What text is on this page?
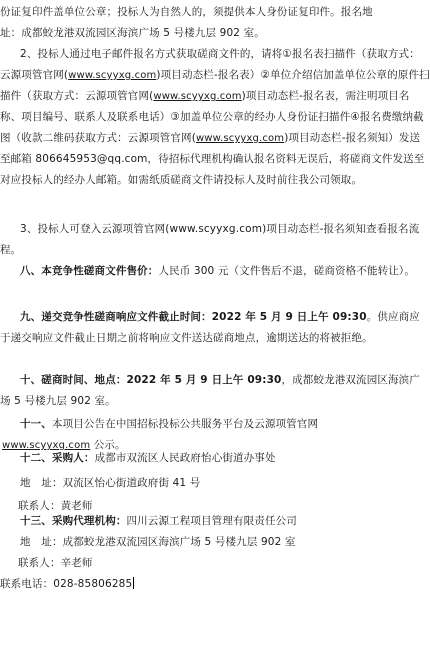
份证复印件盖单位公章；投标人为自然人的，须提供本人身份证复印件。报名地
址：成都蛟龙港双流园区海滨广场 5 号楼九层 902 室。

2、投标人通过电子邮件报名方式获取磋商文件的，请将①报名表扫描件（获取方式：云源项管官网(www.scyyxg.com)项目动态栏-报名表）②单位介绍信加盖单位公章的原件扫描件（获取方式：云源项管官网(www.scyyxg.com)项目动态栏-报名表，需注明项目名称、项目编号、联系人及联系电话）③加盖单位公章的经办人身份证扫描件④报名费缴纳截图（收款二维码获取方式：云源项管官网(www.scyyxg.com)项目动态栏-报名须知）发送至邮箱 806645953@qq.com，待招标代理机构确认报名资料无误后，将磋商文件发送至对应投标人的经办人邮箱。如需纸质磋商文件请投标人及时前往我公司领取。

3、投标人可登入云源项管官网(www.scyyxg.com)项目动态栏-报名须知查看报名流程。

八、本竞争性磋商文件售价：人民币 300 元（文件售后不退，磋商资格不能转让）。

九、递交竞争性磋商响应文件截止时间：2022 年 5 月 9 日上午 09:30。供应商应于递交响应文件截止日期之前将响应文件送达磋商地点，逾期送达的将被拒绝。

十、磋商时间、地点：2022 年 5 月 9 日上午 09:30，成都蛟龙港双流园区海滨广场 5 号楼九层 902 室。

十一、本项目公告在中国招标投标公共服务平台及云源项管官网
www.scyyxg.com 公示。

十二、采购人：成都市双流区人民政府怡心街道办事处

地　址：双流区怡心街道政府街 41 号

联系人：黄老师

十三、采购代理机构：四川云源工程项目管理有限责任公司

地　址：成都蛟龙港双流园区海滨广场 5 号楼九层 902 室

联系人：辛老师

联系电话：028-85806285
